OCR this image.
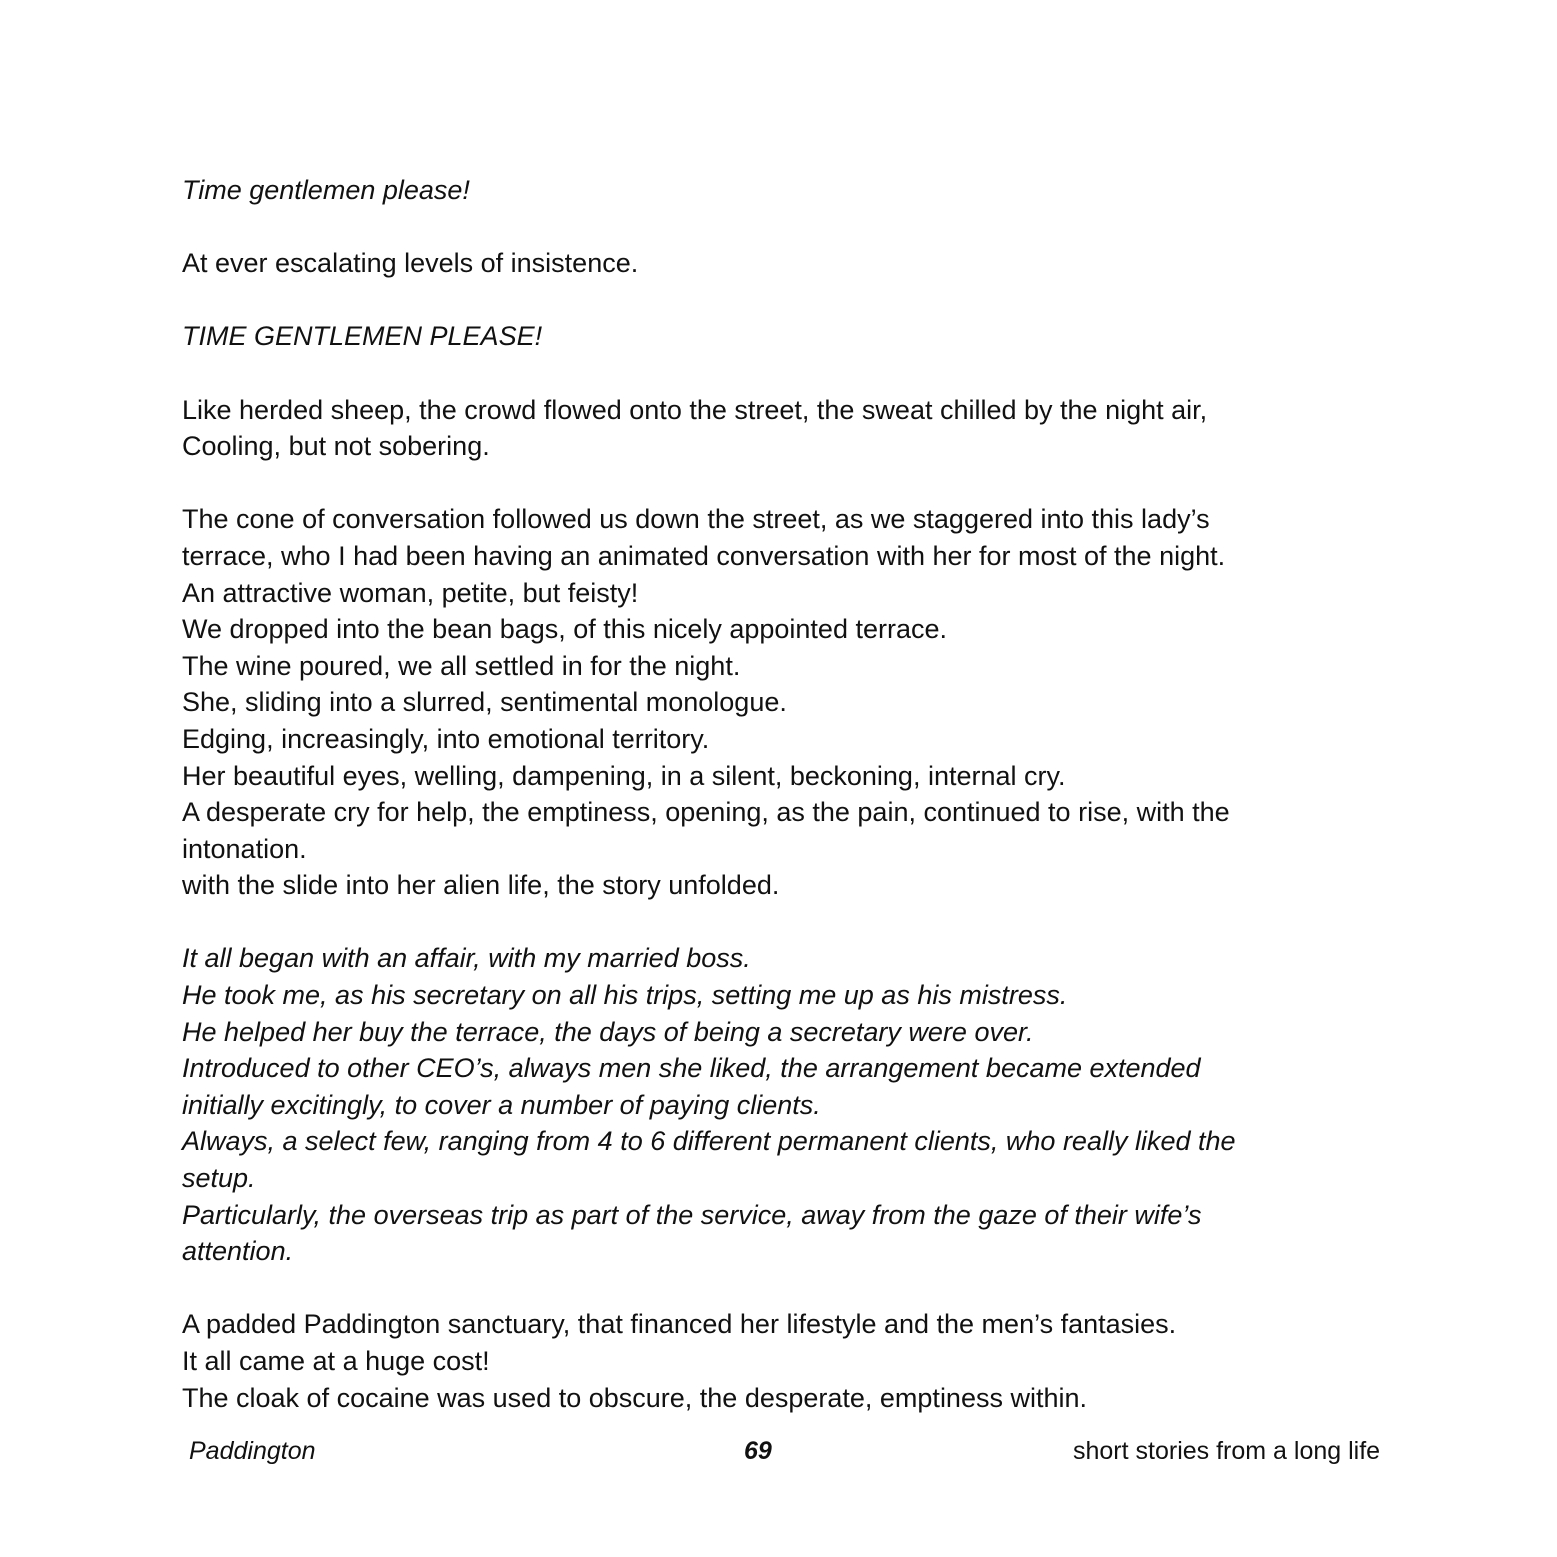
Time gentlemen please!

At ever escalating levels of insistence.

TIME GENTLEMEN PLEASE!

Like herded sheep, the crowd flowed onto the street, the sweat chilled by the night air,

Cooling, but not sobering.

The cone of conversation followed us down the street, as we staggered into this lady’s

terrace, who I had been having an animated conversation with her for most of the night.

An attractive woman, petite, but feisty!

We dropped into the bean bags, of this nicely appointed terrace.

The wine poured, we all settled in for the night.

She, sliding into a slurred, sentimental monologue.

Edging, increasingly, into emotional territory.

Her beautiful eyes, welling, dampening, in a silent, beckoning, internal cry.

A desperate cry for help, the emptiness, opening, as the pain, continued to rise, with the

intonation.

with the slide into her alien life, the story unfolded.

It all began with an affair, with my married boss.

He took me, as his secretary on all his trips, setting me up as his mistress.

He helped her buy the terrace, the days of being a secretary were over.

Introduced to other CEO’s, always men she liked, the arrangement became extended

initially excitingly, to cover a number of paying clients.

Always, a select few, ranging from 4 to 6 different permanent clients, who really liked the

setup.

Particularly, the overseas trip as part of the service, away from the gaze of their wife’s

attention.

A padded Paddington sanctuary, that financed her lifestyle and the men’s fantasies.

It all came at a huge cost!

The cloak of cocaine was used to obscure, the desperate, emptiness within.

Paddington	69	short stories from a long life
